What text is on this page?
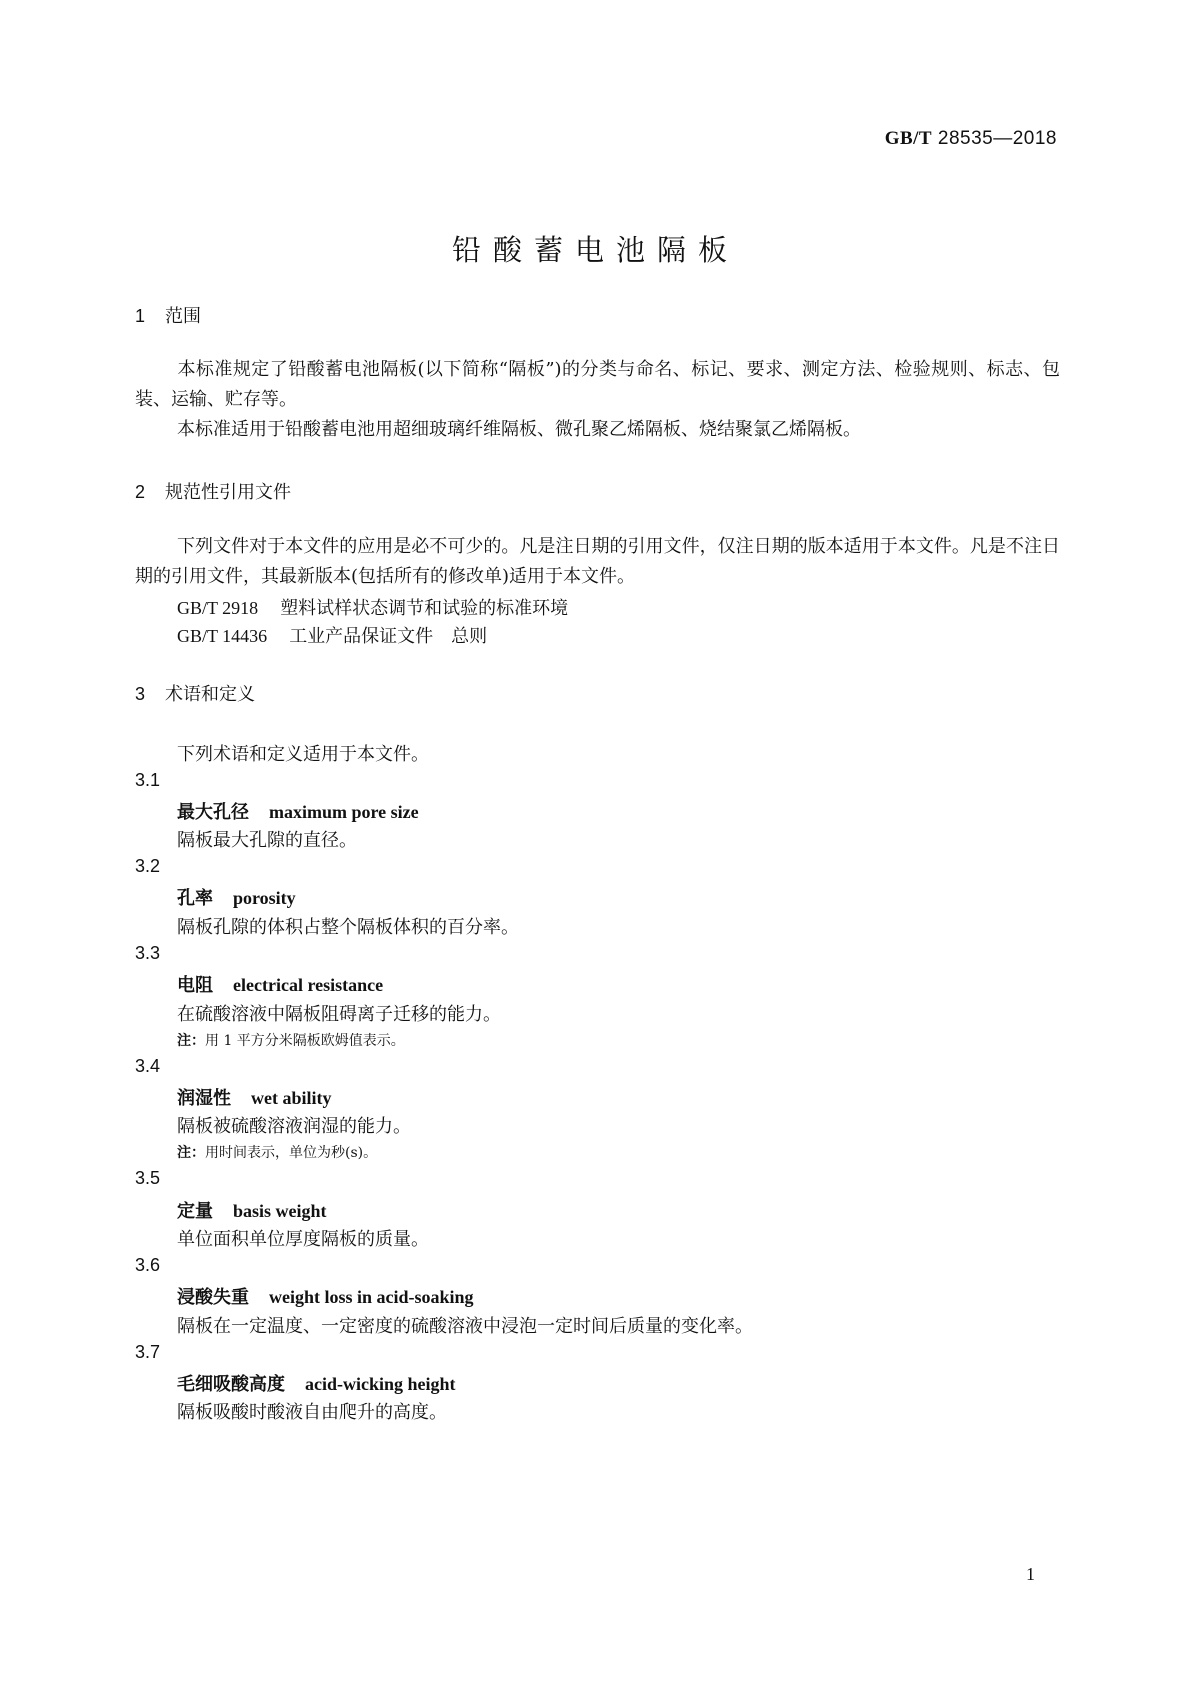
GB/T 28535—2018
铅酸蓄电池隔板
1 范围
本标准规定了铅酸蓄电池隔板(以下简称“隔板”)的分类与命名、标记、要求、测定方法、检验规则、标志、包装、运输、贮存等。
本标准适用于铅酸蓄电池用超细玻璃纤维隔板、微孔聚乙烯隔板、烧结聚氯乙烯隔板。
2 规范性引用文件
下列文件对于本文件的应用是必不可少的。凡是注日期的引用文件，仅注日期的版本适用于本文件。凡是不注日期的引用文件，其最新版本(包括所有的修改单)适用于本文件。
GB/T 2918 塑料试样状态调节和试验的标准环境
GB/T 14436 工业产品保证文件　总则
3 术语和定义
下列术语和定义适用于本文件。
3.1
最大孔径 maximum pore size
隔板最大孔隙的直径。
3.2
孔率 porosity
隔板孔隙的体积占整个隔板体积的百分率。
3.3
电阻 electrical resistance
在硫酸溶液中隔板阻碍离子迁移的能力。
注：用 1 平方分米隔板欧姆值表示。
3.4
润湿性 wet ability
隔板被硫酸溶液润湿的能力。
注：用时间表示，单位为秒(s)。
3.5
定量 basis weight
单位面积单位厚度隔板的质量。
3.6
浸酸失重 weight loss in acid-soaking
隔板在一定温度、一定密度的硫酸溶液中浸泡一定时间后质量的变化率。
3.7
毛细吸酸高度 acid-wicking height
隔板吸酸时酸液自由爬升的高度。
1
